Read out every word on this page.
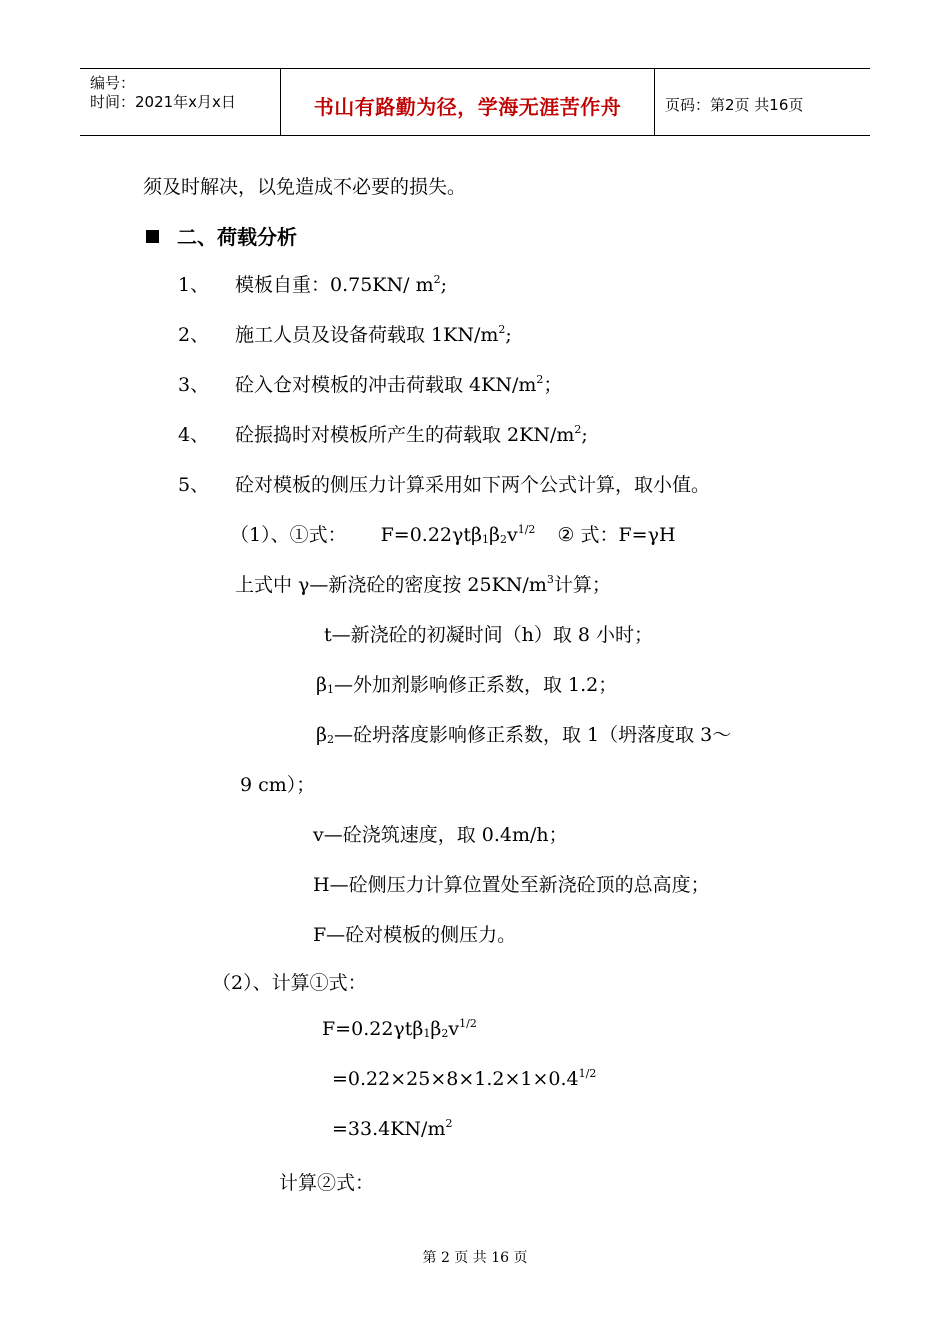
编号：
时间：2021年x月x日	书山有路勤为径，学海无涯苦作舟	页码：第2页 共16页
须及时解决，以免造成不必要的损失。
二、荷载分析
1、 模板自重：0.75KN/ $m^2$;
2、 施工人员及设备荷载取 $1KN/m^2$;
3、 砼入仓对模板的冲击荷载取 $4KN/m^2$；
4、 砼振捣时对模板所产生的荷载取 $2KN/m^2$;
5、 砼对模板的侧压力计算采用如下两个公式计算，取小值。
（1）、①式： $F=0.22\gamma t\beta_1\beta_2v^{1/2}$ ② 式：F=γH
上式中 γ—新浇砼的密度按 $25KN/m^3$计算；
t—新浇砼的初凝时间（h）取 8 小时；
$\beta_1—$外加剂影响修正系数，取 1.2；
$\beta_2—$砼坍落度影响修正系数，取 1（坍落度取 3～
9 cm）；
v—砼浇筑速度，取 0.4m/h；
H—砼侧压力计算位置处至新浇砼顶的总高度；
F—砼对模板的侧压力。
（2）、计算①式：
$F=0.22\gamma t\beta_1\beta_2v^{1/2}$
$=0.22\times 25\times 8\times 1.2\times 1\times 0.4^{1/2}$
$=33.4KN/m^2$
计算②式：
第 2 页 共 16 页
